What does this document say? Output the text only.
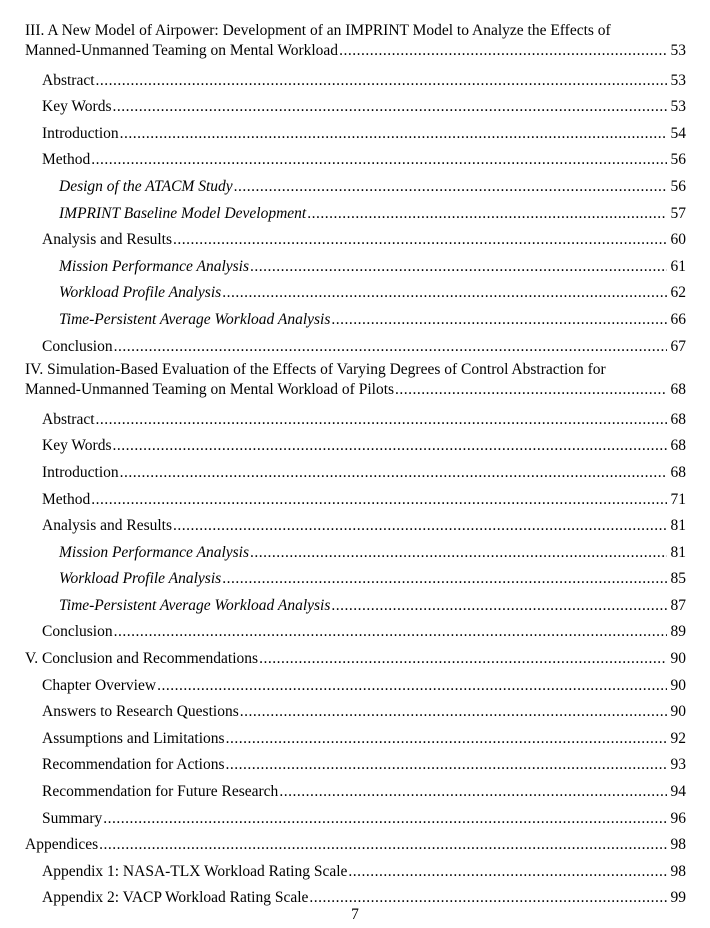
III. A New Model of Airpower: Development of an IMPRINT Model to Analyze the Effects of
Manned-Unmanned Teaming on Mental Workload .....	53
Abstract .....	53
Key Words .....	53
Introduction .....	54
Method .....	56
Design of the ATACM Study .....	56
IMPRINT Baseline Model Development .....	57
Analysis and Results .....	60
Mission Performance Analysis .....	61
Workload Profile Analysis .....	62
Time-Persistent Average Workload Analysis .....	66
Conclusion .....	67
IV. Simulation-Based Evaluation of the Effects of Varying Degrees of Control Abstraction for
Manned-Unmanned Teaming on Mental Workload of Pilots .....	68
Abstract .....	68
Key Words .....	68
Introduction .....	68
Method .....	71
Analysis and Results .....	81
Mission Performance Analysis .....	81
Workload Profile Analysis .....	85
Time-Persistent Average Workload Analysis .....	87
Conclusion .....	89
V. Conclusion and Recommendations .....	90
Chapter Overview .....	90
Answers to Research Questions .....	90
Assumptions and Limitations .....	92
Recommendation for Actions .....	93
Recommendation for Future Research .....	94
Summary .....	96
Appendices .....	98
Appendix 1: NASA-TLX Workload Rating Scale .....	98
Appendix 2: VACP Workload Rating Scale .....	99
7
